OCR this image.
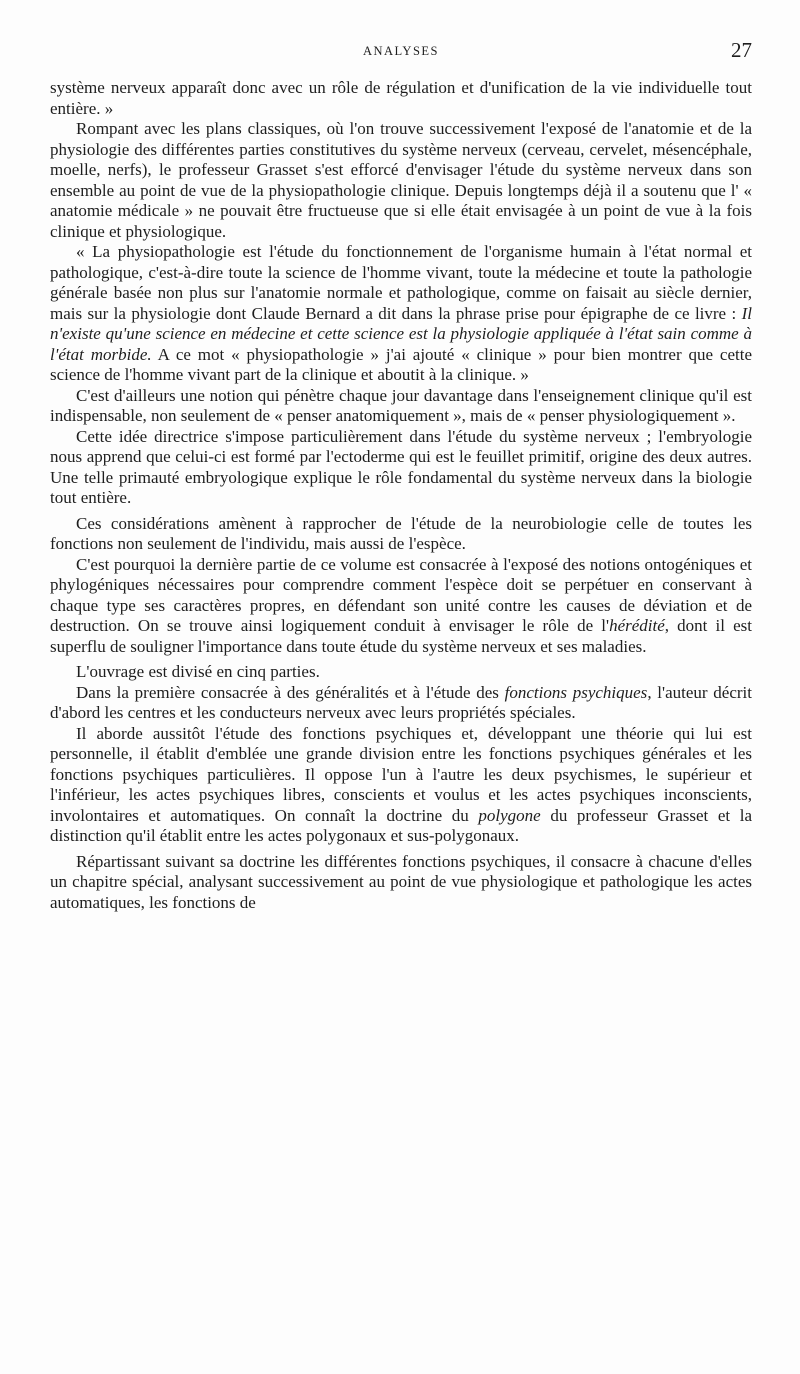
ANALYSES	27

système nerveux apparaît donc avec un rôle de régulation et d'unification de la vie individuelle tout entière. »

Rompant avec les plans classiques, où l'on trouve successivement l'exposé de l'anatomie et de la physiologie des différentes parties constitutives du système nerveux (cerveau, cervelet, mésencéphale, moelle, nerfs), le professeur Grasset s'est efforcé d'envisager l'étude du système nerveux dans son ensemble au point de vue de la physiopathologie clinique. Depuis longtemps déjà il a soutenu que l' « anatomie médicale » ne pouvait être fructueuse que si elle était envisagée à un point de vue à la fois clinique et physiologique.

« La physiopathologie est l'étude du fonctionnement de l'organisme humain à l'état normal et pathologique, c'est-à-dire toute la science de l'homme vivant, toute la médecine et toute la pathologie générale basée non plus sur l'anatomie normale et pathologique, comme on faisait au siècle dernier, mais sur la physiologie dont Claude Bernard a dit dans la phrase prise pour épigraphe de ce livre : Il n'existe qu'une science en médecine et cette science est la physiologie appliquée à l'état sain comme à l'état morbide. A ce mot « physiopathologie » j'ai ajouté « clinique » pour bien montrer que cette science de l'homme vivant part de la clinique et aboutit à la clinique. »

C'est d'ailleurs une notion qui pénètre chaque jour davantage dans l'enseignement clinique qu'il est indispensable, non seulement de « penser anatomiquement », mais de « penser physiologiquement ».

Cette idée directrice s'impose particulièrement dans l'étude du système nerveux ; l'embryologie nous apprend que celui-ci est formé par l'ectoderme qui est le feuillet primitif, origine des deux autres. Une telle primauté embryologique explique le rôle fondamental du système nerveux dans la biologie tout entière.

Ces considérations amènent à rapprocher de l'étude de la neurobiologie celle de toutes les fonctions non seulement de l'individu, mais aussi de l'espèce.

C'est pourquoi la dernière partie de ce volume est consacrée à l'exposé des notions ontogéniques et phylogéniques nécessaires pour comprendre comment l'espèce doit se perpétuer en conservant à chaque type ses caractères propres, en défendant son unité contre les causes de déviation et de destruction. On se trouve ainsi logiquement conduit à envisager le rôle de l'hérédité, dont il est superflu de souligner l'importance dans toute étude du système nerveux et ses maladies.

L'ouvrage est divisé en cinq parties.

Dans la première consacrée à des généralités et à l'étude des fonctions psychiques, l'auteur décrit d'abord les centres et les conducteurs nerveux avec leurs propriétés spéciales.

Il aborde aussitôt l'étude des fonctions psychiques et, développant une théorie qui lui est personnelle, il établit d'emblée une grande division entre les fonctions psychiques générales et les fonctions psychiques particulières. Il oppose l'un à l'autre les deux psychismes, le supérieur et l'inférieur, les actes psychiques libres, conscients et voulus et les actes psychiques inconscients, involontaires et automatiques. On connaît la doctrine du polygone du professeur Grasset et la distinction qu'il établit entre les actes polygonaux et sus-polygonaux.

Répartissant suivant sa doctrine les différentes fonctions psychiques, il consacre à chacune d'elles un chapitre spécial, analysant successivement au point de vue physiologique et pathologique les actes automatiques, les fonctions de
